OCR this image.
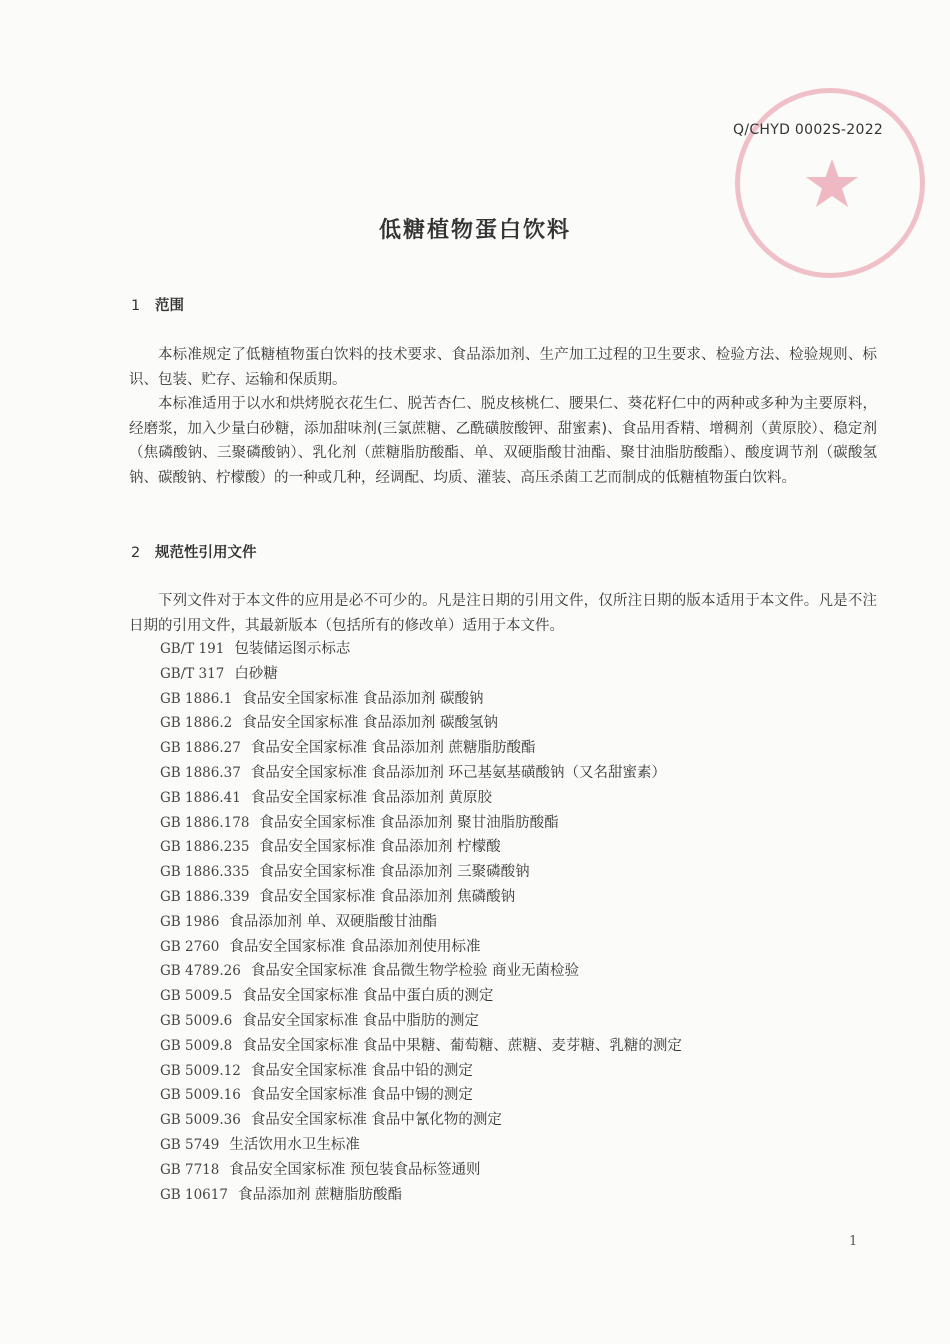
Q/CHYD 0002S-2022
低糖植物蛋白饮料
1 范围

本标准规定了低糖植物蛋白饮料的技术要求、食品添加剂、生产加工过程的卫生要求、检验方法、检验规则、标识、包装、贮存、运输和保质期。

本标准适用于以水和烘烤脱衣花生仁、脱苦杏仁、脱皮核桃仁、腰果仁、葵花籽仁中的两种或多种为主要原料，经磨浆，加入少量白砂糖，添加甜味剂(三氯蔗糖、乙酰磺胺酸钾、甜蜜素)、食品用香精、增稠剂（黄原胶）、稳定剂（焦磷酸钠、三聚磷酸钠）、乳化剂（蔗糖脂肪酸酯、单、双硬脂酸甘油酯、聚甘油脂肪酸酯）、酸度调节剂（碳酸氢钠、碳酸钠、柠檬酸）的一种或几种，经调配、均质、灌装、高压杀菌工艺而制成的低糖植物蛋白饮料。

2 规范性引用文件

下列文件对于本文件的应用是必不可少的。凡是注日期的引用文件，仅所注日期的版本适用于本文件。凡是不注日期的引用文件，其最新版本（包括所有的修改单）适用于本文件。

GB/T 191 包装储运图示标志
GB/T 317 白砂糖
GB 1886.1 食品安全国家标准 食品添加剂 碳酸钠
GB 1886.2 食品安全国家标准 食品添加剂 碳酸氢钠
GB 1886.27 食品安全国家标准 食品添加剂 蔗糖脂肪酸酯
GB 1886.37 食品安全国家标准 食品添加剂 环己基氨基磺酸钠（又名甜蜜素）
GB 1886.41 食品安全国家标准 食品添加剂 黄原胶
GB 1886.178 食品安全国家标准 食品添加剂 聚甘油脂肪酸酯
GB 1886.235 食品安全国家标准 食品添加剂 柠檬酸
GB 1886.335 食品安全国家标准 食品添加剂 三聚磷酸钠
GB 1886.339 食品安全国家标准 食品添加剂 焦磷酸钠
GB 1986 食品添加剂 单、双硬脂酸甘油酯
GB 2760 食品安全国家标准 食品添加剂使用标准
GB 4789.26 食品安全国家标准 食品微生物学检验 商业无菌检验
GB 5009.5 食品安全国家标准 食品中蛋白质的测定
GB 5009.6 食品安全国家标准 食品中脂肪的测定
GB 5009.8 食品安全国家标准 食品中果糖、葡萄糖、蔗糖、麦芽糖、乳糖的测定
GB 5009.12 食品安全国家标准 食品中铅的测定
GB 5009.16 食品安全国家标准 食品中锡的测定
GB 5009.36 食品安全国家标准 食品中氰化物的测定
GB 5749 生活饮用水卫生标准
GB 7718 食品安全国家标准 预包装食品标签通则
GB 10617 食品添加剂 蔗糖脂肪酸酯
1
